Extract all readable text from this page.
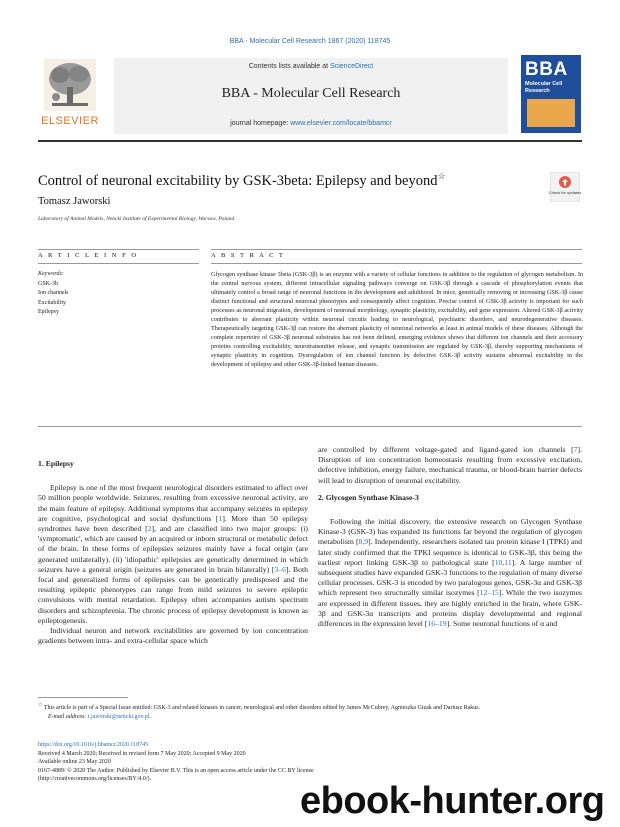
BBA - Molecular Cell Research 1867 (2020) 118745
ELSEVIER
Contents lists available at ScienceDirect
BBA - Molecular Cell Research
journal homepage: www.elsevier.com/locate/bbamcr
BBA
Molecular Cell Research
Control of neuronal excitability by GSK-3beta: Epilepsy and beyond☆
Tomasz Jaworski
Laboratory of Animal Models, Nencki Institute of Experimental Biology, Warsaw, Poland
Check for updates
A R T I C L E I N F O	A B S T R A C T
Keywords:
GSK-3b
Ion channels
Excitability
Epilepsy
Glycogen synthase kinase 3beta (GSK-3β) is an enzyme with a variety of cellular functions in addition to the regulation of glycogen metabolism. In the central nervous system, different intracellular signaling pathways converge on GSK-3β through a cascade of phosphorylation events that ultimately control a broad range of neuronal functions in the development and adulthood. In mice, genetically removing or increasing GSK-3β cause distinct functional and structural neuronal phenotypes and consequently affect cognition. Precise control of GSK-3β activity is important for such processes as neuronal migration, development of neuronal morphology, synaptic plasticity, excitability, and gene expression. Altered GSK-3β activity contributes to aberrant plasticity within neuronal circuits leading to neurological, psychiatric disorders, and neurodegenerative diseases. Therapeutically targeting GSK-3β can restore the aberrant plasticity of neuronal networks at least in animal models of these diseases. Although the complete repertoire of GSK-3β neuronal substrates has not been defined, emerging evidence shows that different ion channels and their accessory proteins controlling excitability, neurotransmitter release, and synaptic transmission are regulated by GSK-3β, thereby supporting mechanisms of synaptic plasticity in cognition. Dysregulation of ion channel function by defective GSK-3β activity sustains abnormal excitability in the development of epilepsy and other GSK-3β-linked human diseases.
1. Epilepsy

Epilepsy is one of the most frequent neurological disorders estimated to affect over 50 million people worldwide. Seizures, resulting from excessive neuronal activity, are the main feature of epilepsy. Additional symptoms that accompany seizures in epilepsy are cognitive, psychological and social dysfunctions [1]. More than 50 epilepsy syndromes have been described [2], and are classified into two major groups: (i) 'symptomatic', which are caused by an acquired or inborn structural or metabolic defect of the brain. In these forms of epilepsies seizures mainly have a focal origin (are generated unilaterally). (ii) 'idiopathic' epilepsies are genetically determined in which seizures have a general origin (seizures are generated in brain bilaterally) [3–6]. Both focal and generalized forms of epilepsies can be genetically predisposed and the resulting epileptic phenotypes can range from mild seizures to severe epileptic convulsions with mental retardation. Epilepsy often accompanies autism spectrum disorders and schizophrenia. The chronic process of epilepsy development is known as epileptogenesis.

Individual neuron and network excitabilities are governed by ion concentration gradients between intra- and extra-cellular space which

are controlled by different voltage-gated and ligand-gated ion channels [7]. Disruption of ion concentration homeostasis resulting from excessive excitation, defective inhibition, energy failure, mechanical trauma, or blood-brain barrier defects will lead to disruption of neuronal excitability.

2. Glycogen Synthase Kinase-3

Following the initial discovery, the extensive research on Glycogen Synthase Kinase-3 (GSK-3) has expanded its functions far beyond the regulation of glycogen metabolism [8,9]. Independently, researchers isolated tau protein kinase I (TPKI) and later study confirmed that the TPKI sequence is identical to GSK-3β, this being the earliest report linking GSK-3β to pathological state [10,11]. A large number of subsequent studies have expanded GSK-3 functions to the regulation of many diverse cellular processes. GSK-3 is encoded by two paralogous genes, GSK-3α and GSK-3β which represent two structurally similar isozymes [12–15]. While the two isozymes are expressed in different tissues, they are highly enriched in the brain, where GSK-3β and GSK-3α transcripts and proteins display developmental and regional differences in the expression level [16–19]. Some neuronal functions of α and

☆ This article is part of a Special Issue entitled: GSK-3 and related kinases in cancer, neurological and other disorders edited by James McCubrey, Agnieszka Gizak and Dariusz Rakus.
E-mail address: t.jaworski@nencki.gov.pl.
https://doi.org/10.1016/j.bbamcr.2020.118745
Received 4 March 2020; Received in revised form 7 May 2020; Accepted 9 May 2020
Available online 23 May 2020
0167-4889/ © 2020 The Author. Published by Elsevier B.V. This is an open access article under the CC BY license
(http://creativecommons.org/licenses/BY/4.0/).
ebook-hunter.org
